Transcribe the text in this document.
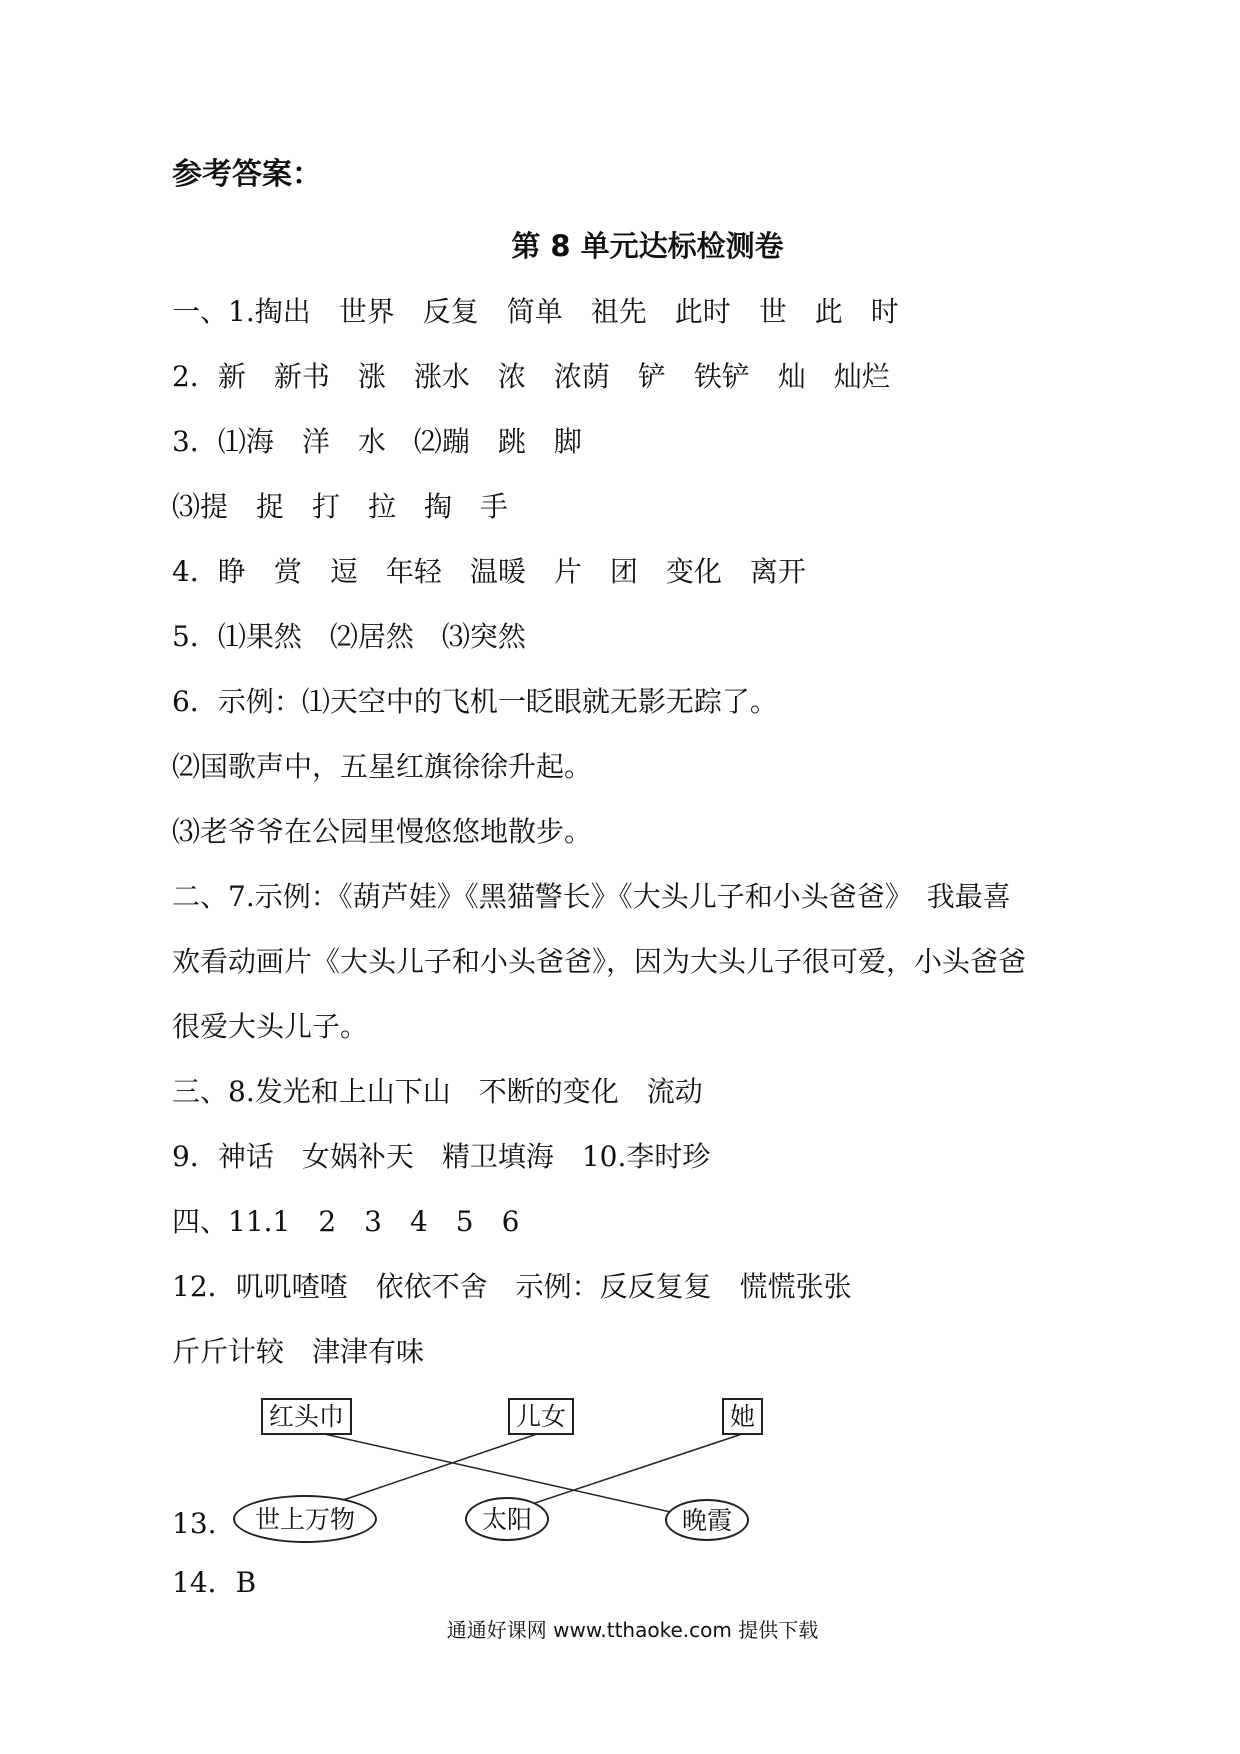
参考答案：
第 8 单元达标检测卷
一、1.掏出　世界　反复　简单　祖先　此时　世　此　时
2．新　新书　涨　涨水　浓　浓荫　铲　铁铲　灿　灿烂
3．⑴海　洋　水　⑵蹦　跳　脚
⑶提　捉　打　拉　掏　手
4．睁　赏　逗　年轻　温暖　片　团　变化　离开
5．⑴果然　⑵居然　⑶突然
6．示例：⑴天空中的飞机一眨眼就无影无踪了。
⑵国歌声中，五星红旗徐徐升起。
⑶老爷爷在公园里慢悠悠地散步。
二、7.示例：《葫芦娃》《黑猫警长》《大头儿子和小头爸爸》　我最喜
欢看动画片《大头儿子和小头爸爸》，因为大头儿子很可爱，小头爸爸
很爱大头儿子。
三、8.发光和上山下山　不断的变化　流动
9．神话　女娲补天　精卫填海　10.李时珍
四、11.1　2　3　4　5　6
12．叽叽喳喳　依依不舍　示例：反反复复　慌慌张张
斤斤计较　津津有味
红头巾	儿女	她
世上万物	太阳	晚霞
13.
14．B
通通好课网 www.tthaoke.com 提供下载
